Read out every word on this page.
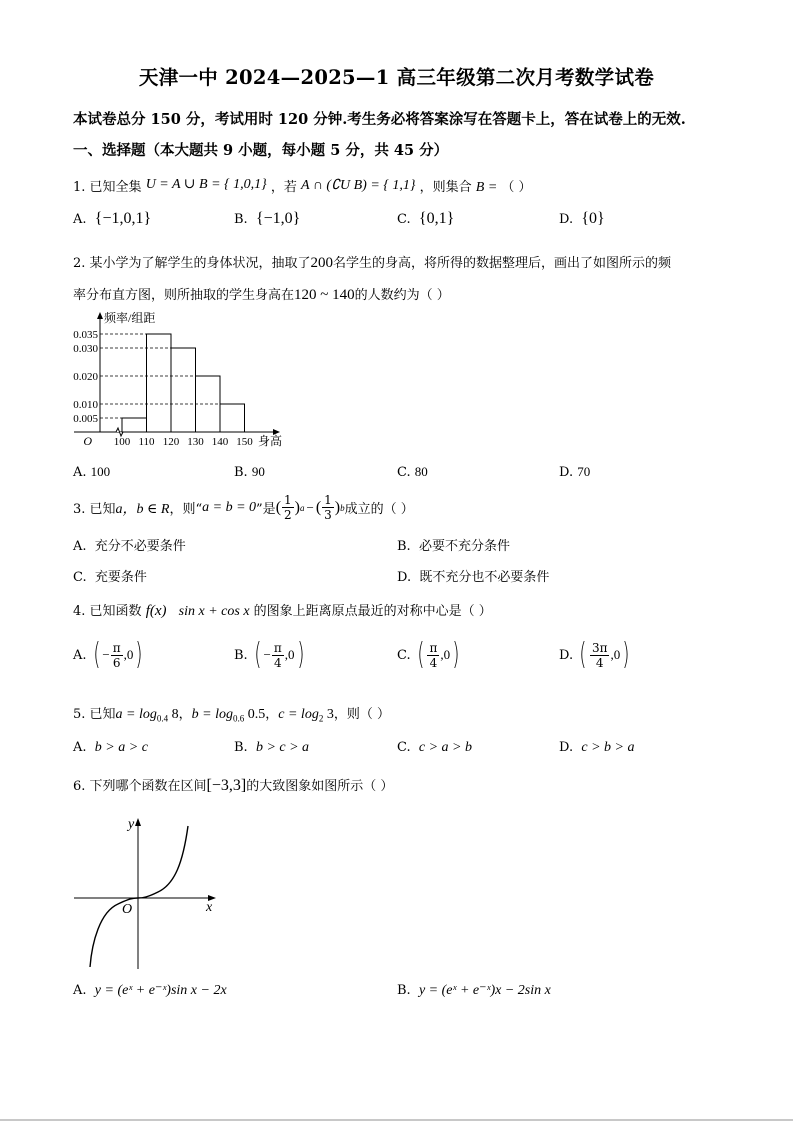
天津一中 2024—2025—1 高三年级第二次月考数学试卷
本试卷总分 150 分，考试用时 120 分钟.考生务必将答案涂写在答题卡上，答在试卷上的无效.
一、选择题（本大题共 9 小题，每小题 5 分，共 45 分）
1. 已知全集 U = A ∪ B = { 1,0,1} ，若 A ∩ (∁U B) = { 1,1} ，则集合 B = （ ）
A. {−1,0,1}	B. {−1,0}	C. {0,1}	D. {0}
2. 某小学为了解学生的身体状况，抽取了200名学生的身高，将所得的数据整理后，画出了如图所示的频
率分布直方图，则所抽取的学生身高在120 ~ 140的人数约为（ ）
0.035
0.030
0.020
0.010
0.005
100 110 120 130 140 150
频率/组距
身高
O
A. 100	B. 90	C. 80	D. 70
3. 已知 a，b ∈ R ，则“ a = b = 0 ”是 ( $\frac{1}{2}$ ) a − ( $\frac{1}{3}$ ) b 成立的（ ）
A. 充分不必要条件	B. 必要不充分条件
C. 充要条件	D. 既不充分也不必要条件
4. 已知函数 f(x) sin x + cos x 的图象上距离原点最近的对称中心是（ ）
A.
( − $\frac{\pi}{6} ,0$ )	B.
( − $\frac{\pi}{4} ,0$ )	C.
( $\frac{\pi}{4} ,0$ )	D.
( $\frac{3\pi}{4} ,0$ )
5. 已知$a = \log_{0.4} 8$，$b = \log_{0.6} 0.5$，$c = \log_2 3$，则（ ）
A. b > a > c	B. b > c > a	C. c > a > b	D. c > b > a
6. 下列哪个函数在区间[−3,3]的大致图象如图所示（ ）
x
y
O
A. y = (eˣ + e⁻ˣ)sin x − 2x	B. y = (eˣ + e⁻ˣ)x − 2sin x
